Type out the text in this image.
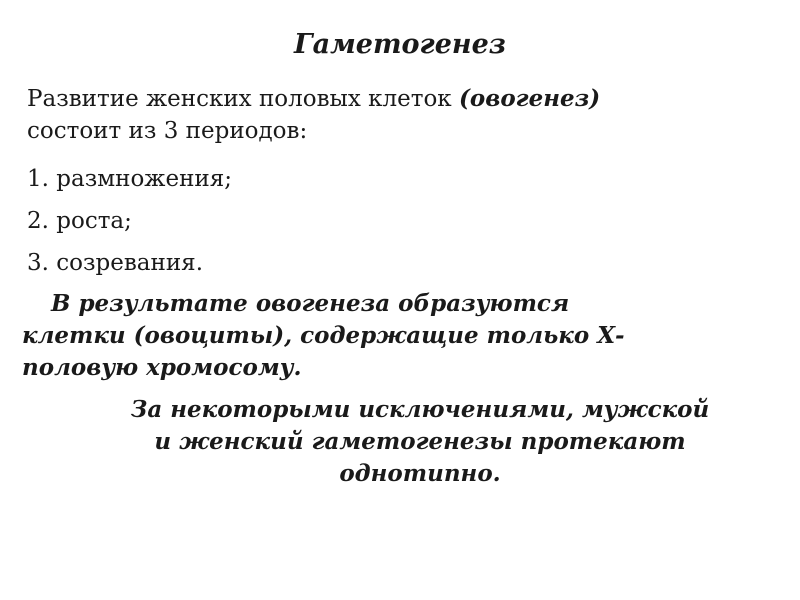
Гаметогенез
Развитие женских половых клеток (овогенез)
состоит из 3 периодов:
1. размножения;
2. роста;
3. созревания.
В результате овогенеза образуются
клетки (овоциты), содержащие только Х-
половую хромосому.
За некоторыми исключениями, мужской
и женский гаметогенезы протекают
однотипно.
